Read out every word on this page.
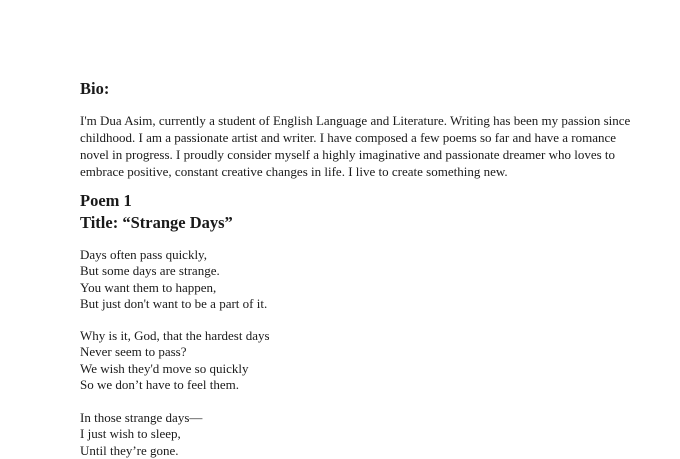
Bio:

I'm Dua Asim, currently a student of English Language and Literature. Writing has been my passion since
childhood. I am a passionate artist and writer. I have composed a few poems so far and have a romance
novel in progress. I proudly consider myself a highly imaginative and passionate dreamer who loves to
embrace positive, constant creative changes in life. I live to create something new.

Poem 1
Title: “ Strange Days ”

Days often pass quickly,
But some days are strange.
You want them to happen,
But just don't want to be a part of it.

Why is it, God, that the hardest days
Never seem to pass?
We wish they'd move so quickly
So we don’t have to feel them.

In those strange days—
I just wish to sleep,
Until they’re gone.
